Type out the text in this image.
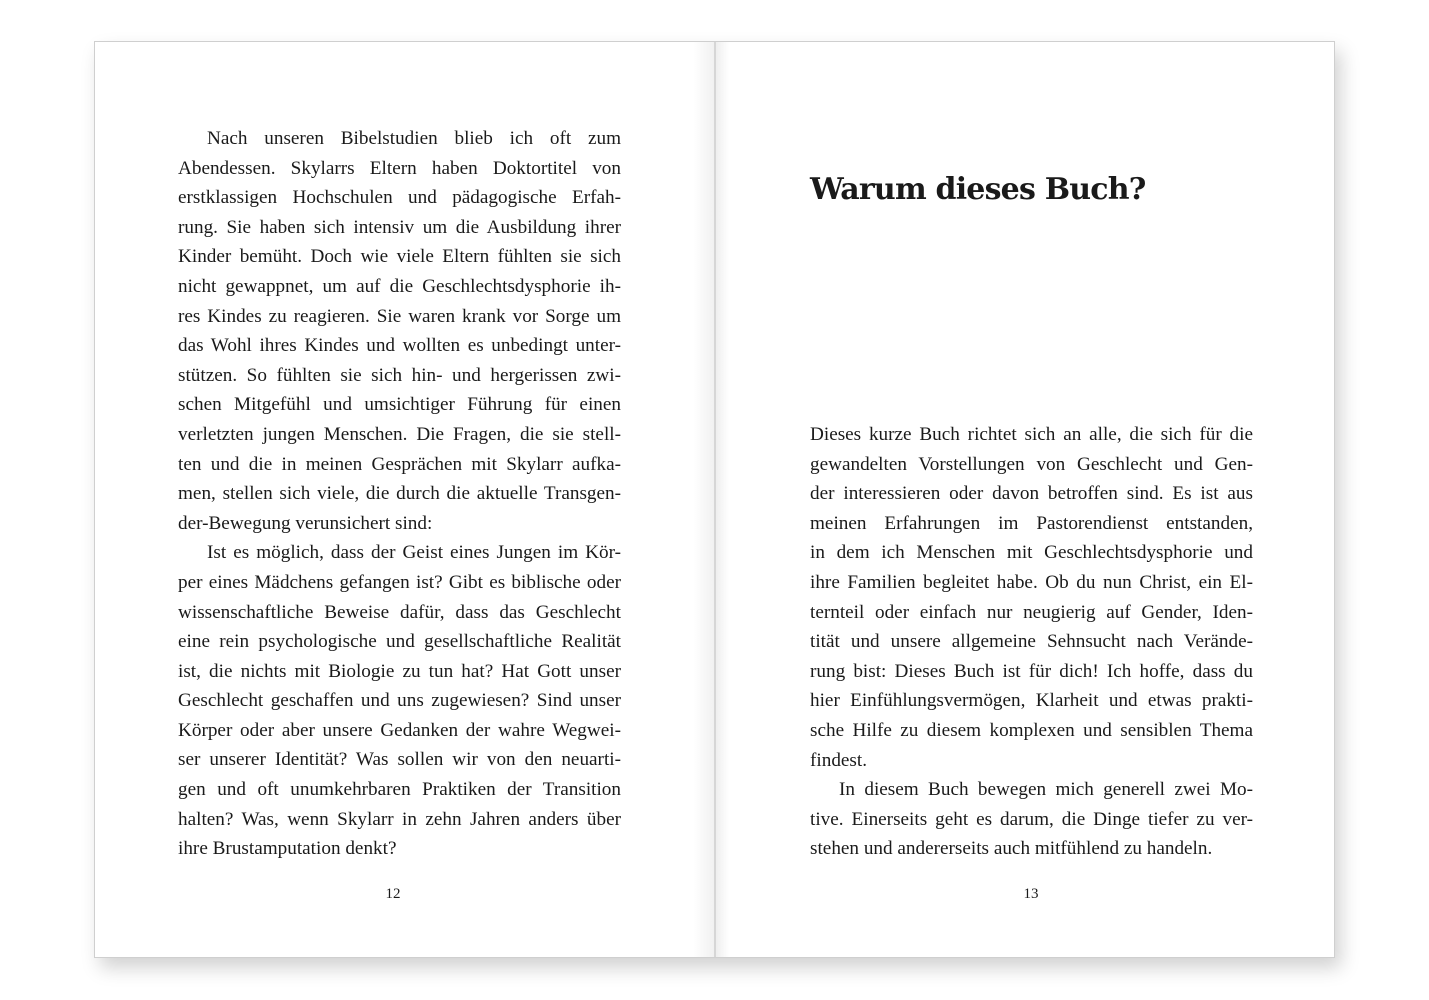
Nach unseren Bibelstudien blieb ich oft zum
Abendessen. Skylarrs Eltern haben Doktortitel von
erstklassigen Hochschulen und pädagogische Erfah-
rung. Sie haben sich intensiv um die Ausbildung ihrer
Kinder bemüht. Doch wie viele Eltern fühlten sie sich
nicht gewappnet, um auf die Geschlechtsdysphorie ih-
res Kindes zu reagieren. Sie waren krank vor Sorge um
das Wohl ihres Kindes und wollten es unbedingt unter-
stützen. So fühlten sie sich hin- und hergerissen zwi-
schen Mitgefühl und umsichtiger Führung für einen
verletzten jungen Menschen. Die Fragen, die sie stell-
ten und die in meinen Gesprächen mit Skylarr aufka-
men, stellen sich viele, die durch die aktuelle Transgen-
der-Bewegung verunsichert sind:

Ist es möglich, dass der Geist eines Jungen im Kör-
per eines Mädchens gefangen ist? Gibt es biblische oder
wissenschaftliche Beweise dafür, dass das Geschlecht
eine rein psychologische und gesellschaftliche Realität
ist, die nichts mit Biologie zu tun hat? Hat Gott unser
Geschlecht geschaffen und uns zugewiesen? Sind unser
Körper oder aber unsere Gedanken der wahre Wegwei-
ser unserer Identität? Was sollen wir von den neuarti-
gen und oft unumkehrbaren Praktiken der Transition
halten? Was, wenn Skylarr in zehn Jahren anders über
ihre Brustamputation denkt?

12
Warum dieses Buch?

Dieses kurze Buch richtet sich an alle, die sich für die
gewandelten Vorstellungen von Geschlecht und Gen-
der interessieren oder davon betroffen sind. Es ist aus
meinen Erfahrungen im Pastorendienst entstanden,
in dem ich Menschen mit Geschlechtsdysphorie und
ihre Familien begleitet habe. Ob du nun Christ, ein El-
ternteil oder einfach nur neugierig auf Gender, Iden-
tität und unsere allgemeine Sehnsucht nach Verände-
rung bist: Dieses Buch ist für dich! Ich hoffe, dass du
hier Einfühlungsvermögen, Klarheit und etwas prakti-
sche Hilfe zu diesem komplexen und sensiblen Thema
findest.

In diesem Buch bewegen mich generell zwei Mo-
tive. Einerseits geht es darum, die Dinge tiefer zu ver-
stehen und andererseits auch mitfühlend zu handeln.

13
